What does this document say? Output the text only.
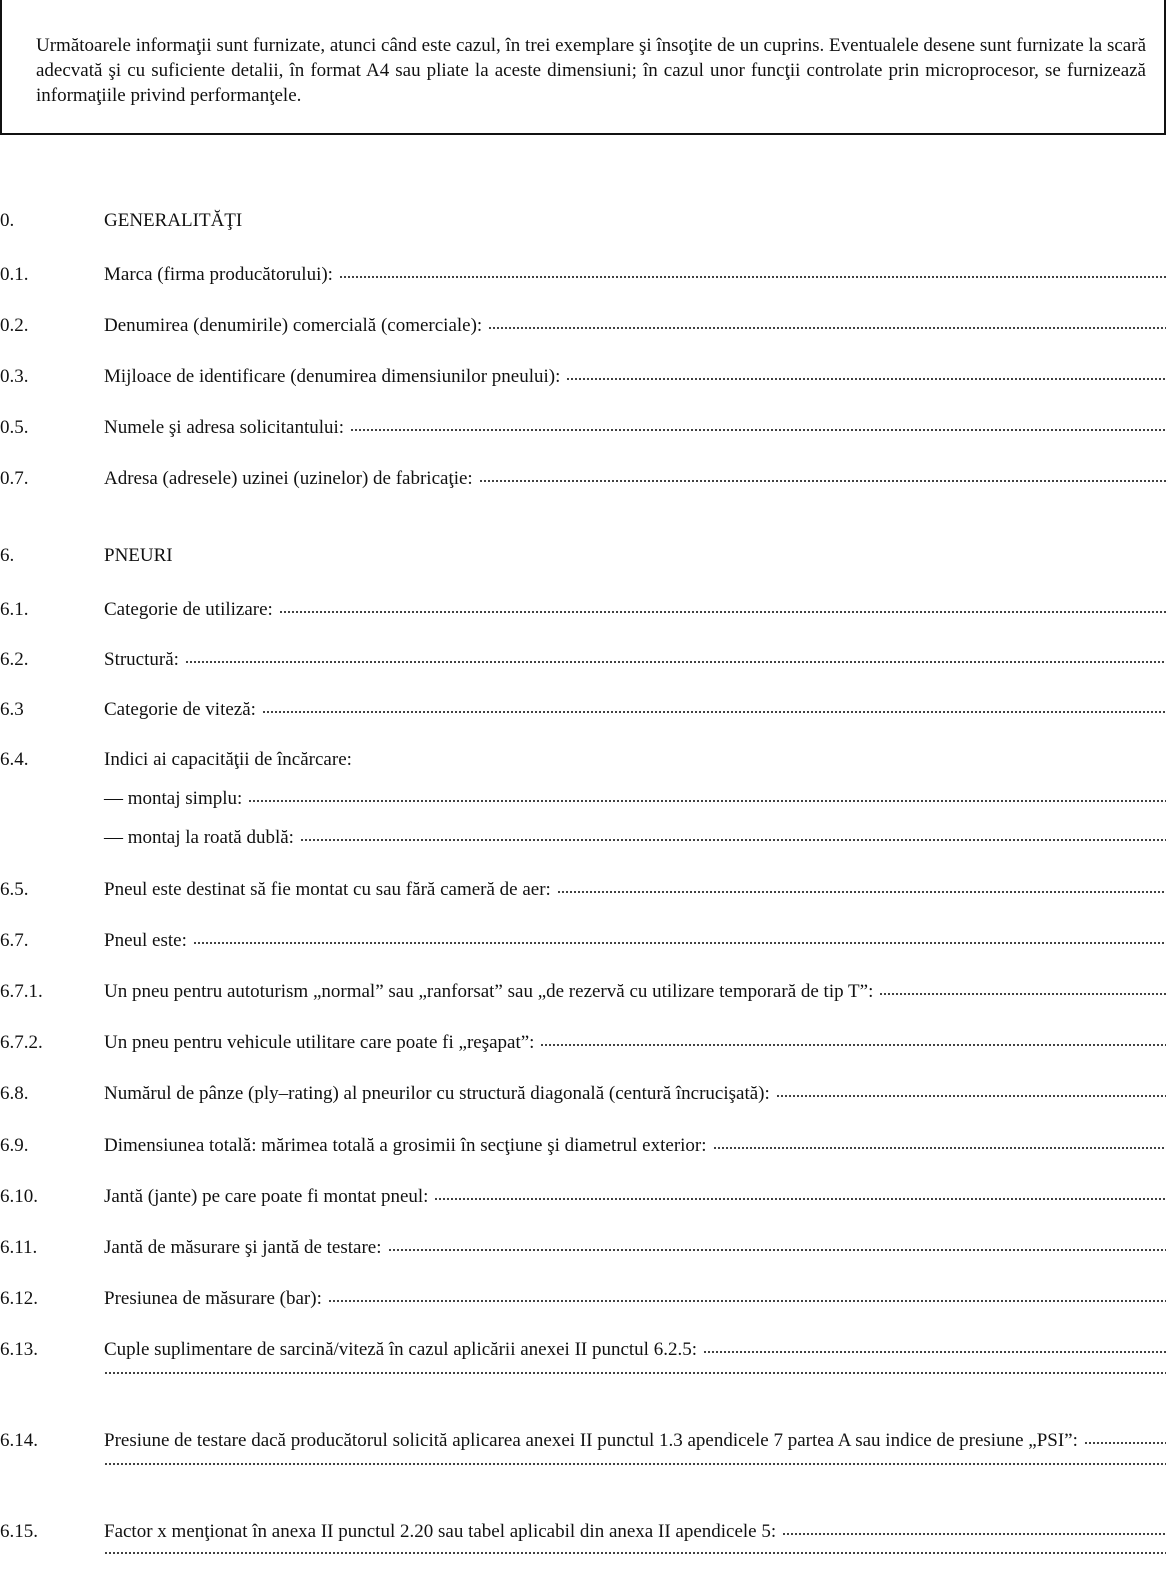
Următoarele informaţii sunt furnizate, atunci când este cazul, în trei exemplare şi însoţite de un cuprins. Eventualele desene sunt furnizate la scară adecvată şi cu suficiente detalii, în format A4 sau pliate la aceste dimensiuni; în cazul unor funcţii controlate prin microprocesor, se furnizează informaţiile privind performanţele.
0.	GENERALITĂŢI
0.1.	Marca (firma producătorului):
0.2.	Denumirea (denumirile) comercială (comerciale):
0.3.	Mijloace de identificare (denumirea dimensiunilor pneului):
0.5.	Numele şi adresa solicitantului:
0.7.	Adresa (adresele) uzinei (uzinelor) de fabricaţie:
6.	PNEURI
6.1.	Categorie de utilizare:
6.2.	Structură:
6.3	Categorie de viteză:
6.4.	Indici ai capacităţii de încărcare:
— montaj simplu:
— montaj la roată dublă:
6.5.	Pneul este destinat să fie montat cu sau fără cameră de aer:
6.7.	Pneul este:
6.7.1.	Un pneu pentru autoturism „normal” sau „ranforsat” sau „de rezervă cu utilizare temporară de tip T”:
6.7.2.	Un pneu pentru vehicule utilitare care poate fi „reşapat”:
6.8.	Numărul de pânze (ply–rating) al pneurilor cu structură diagonală (centură încrucişată):
6.9.	Dimensiunea totală: mărimea totală a grosimii în secţiune şi diametrul exterior:
6.10.	Jantă (jante) pe care poate fi montat pneul:
6.11.	Jantă de măsurare şi jantă de testare:
6.12.	Presiunea de măsurare (bar):
6.13.	Cuple suplimentare de sarcină/viteză în cazul aplicării anexei II punctul 6.2.5:
6.14.	Presiune de testare dacă producătorul solicită aplicarea anexei II punctul 1.3 apendicele 7 partea A sau indice de presiune „PSI”:
6.15.	Factor x menţionat în anexa II punctul 2.20 sau tabel aplicabil din anexa II apendicele 5:
